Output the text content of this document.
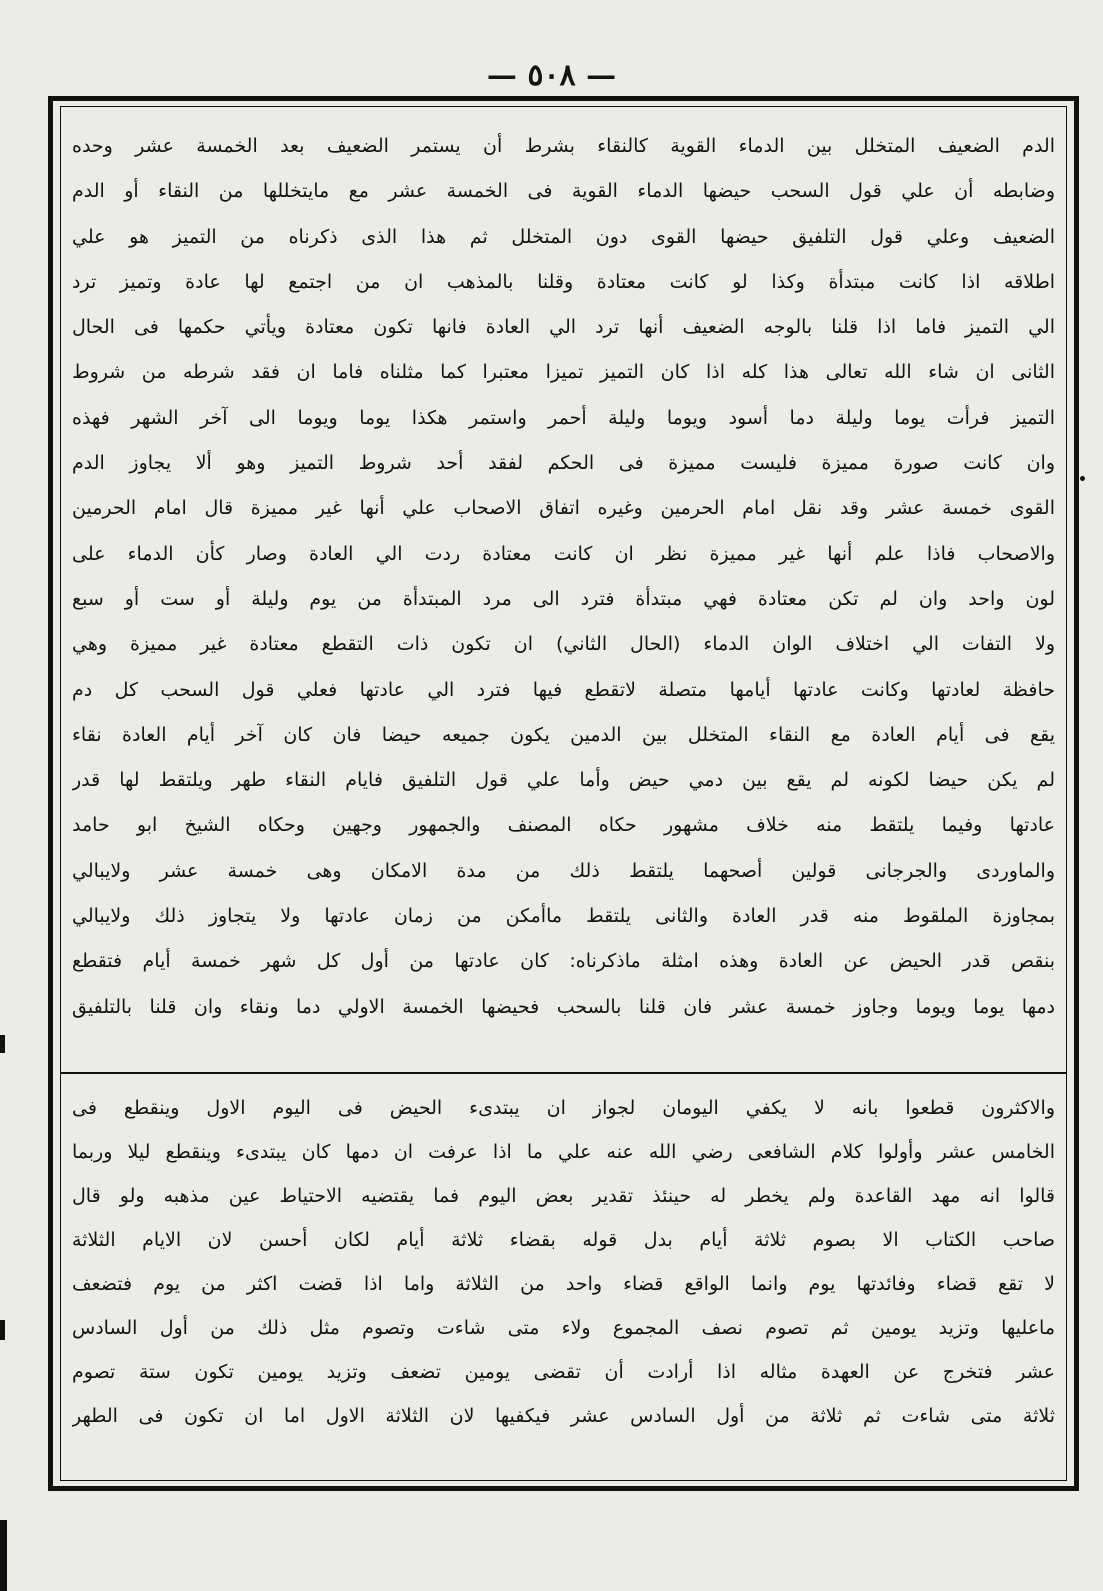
— ٥٠٨ —
الدم الضعيف المتخلل بين الدماء القوية كالنقاء بشرط أن يستمر الضعيف بعد الخمسة عشر وحده
وضابطه أن علي قول السحب حيضها الدماء القوية فى الخمسة عشر مع مايتخللها من النقاء أو الدم
الضعيف وعلي قول التلفيق حيضها القوى دون المتخلل ثم هذا الذى ذكرناه من التميز هو علي
اطلاقه اذا كانت مبتدأة وكذا لو كانت معتادة وقلنا بالمذهب ان من اجتمع لها عادة وتميز ترد
الي التميز فاما اذا قلنا بالوجه الضعيف أنها ترد الي العادة فانها تكون معتادة ويأتي حكمها فى الحال
الثانى ان شاء الله تعالى هذا كله اذا كان التميز تميزا معتبرا كما مثلناه فاما ان فقد شرطه من شروط
التميز فرأت يوما وليلة دما أسود ويوما وليلة أحمر واستمر هكذا يوما ويوما الى آخر الشهر فهذه
وان كانت صورة مميزة فليست مميزة فى الحكم لفقد أحد شروط التميز وهو ألا يجاوز الدم
القوى خمسة عشر وقد نقل امام الحرمين وغيره اتفاق الاصحاب علي أنها غير مميزة قال امام الحرمين
والاصحاب فاذا علم أنها غير مميزة نظر ان كانت معتادة ردت الي العادة وصار كأن الدماء على
لون واحد وان لم تكن معتادة فهي مبتدأة فترد الى مرد المبتدأة من يوم وليلة أو ست أو سبع
ولا التفات الي اختلاف الوان الدماء (الحال الثاني) ان تكون ذات التقطع معتادة غير مميزة وهي
حافظة لعادتها وكانت عادتها أيامها متصلة لاتقطع فيها فترد الي عادتها فعلي قول السحب كل دم
يقع فى أيام العادة مع النقاء المتخلل بين الدمين يكون جميعه حيضا فان كان آخر أيام العادة نقاء
لم يكن حيضا لكونه لم يقع بين دمي حيض وأما علي قول التلفيق فايام النقاء طهر ويلتقط لها قدر
عادتها وفيما يلتقط منه خلاف مشهور حكاه المصنف والجمهور وجهين وحكاه الشيخ ابو حامد
والماوردى والجرجانى قولين أصحهما يلتقط ذلك من مدة الامكان وهى خمسة عشر ولايبالي
بمجاوزة الملقوط منه قدر العادة والثانى يلتقط ماأمكن من زمان عادتها ولا يتجاوز ذلك ولايبالي
بنقص قدر الحيض عن العادة وهذه امثلة ماذكرناه: كان عادتها من أول كل شهر خمسة أيام فتقطع
دمها يوما ويوما وجاوز خمسة عشر فان قلنا بالسحب فحيضها الخمسة الاولي دما ونقاء وان قلنا بالتلفيق
والاكثرون قطعوا بانه لا يكفي اليومان لجواز ان يبتدىء الحيض فى اليوم الاول وينقطع فى
الخامس عشر وأولوا كلام الشافعى رضي الله عنه علي ما اذا عرفت ان دمها كان يبتدىء وينقطع ليلا وربما
قالوا انه مهد القاعدة ولم يخطر له حينئذ تقدير بعض اليوم فما يقتضيه الاحتياط عين مذهبه ولو قال
صاحب الكتاب الا بصوم ثلاثة أيام بدل قوله بقضاء ثلاثة أيام لكان أحسن لان الايام الثلاثة
لا تقع قضاء وفائدتها يوم وانما الواقع قضاء واحد من الثلاثة واما اذا قضت اكثر من يوم فتضعف
ماعليها وتزيد يومين ثم تصوم نصف المجموع ولاء متى شاءت وتصوم مثل ذلك من أول السادس
عشر فتخرج عن العهدة مثاله اذا أرادت أن تقضى يومين تضعف وتزيد يومين تكون ستة تصوم
ثلاثة متى شاءت ثم ثلاثة من أول السادس عشر فيكفيها لان الثلاثة الاول اما ان تكون فى الطهر
